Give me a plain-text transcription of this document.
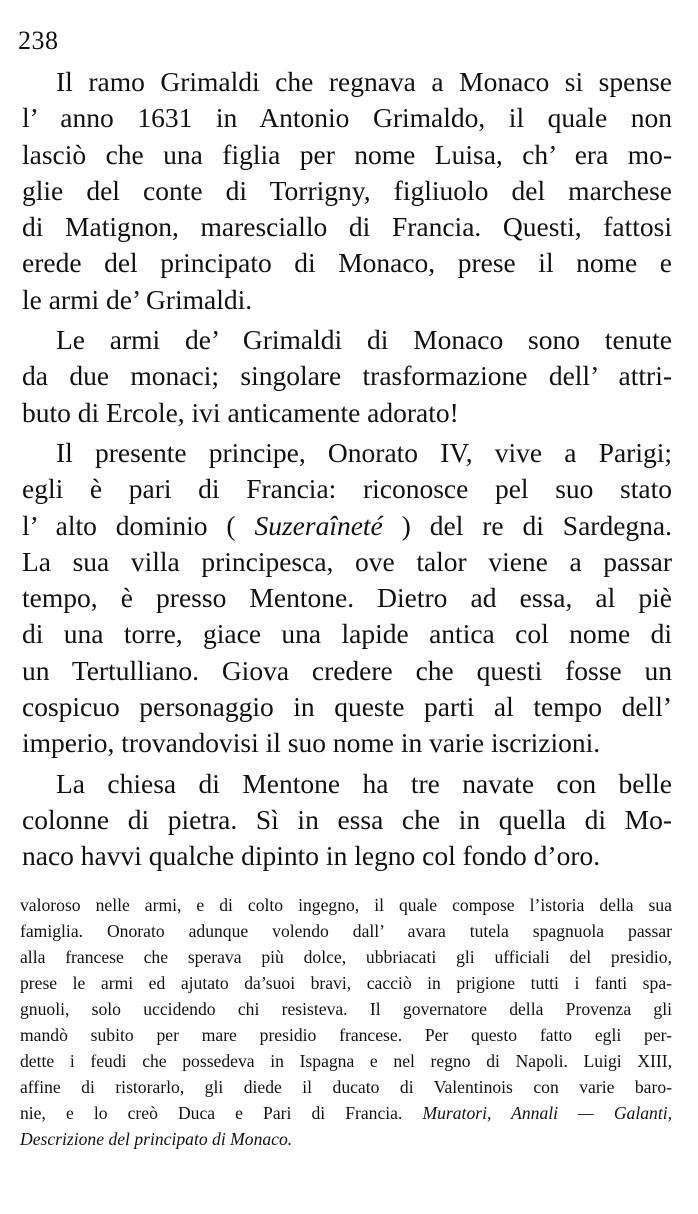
238
Il ramo Grimaldi che regnava a Monaco si spense
l’ anno 1631 in Antonio Grimaldo, il quale non
lasciò che una figlia per nome Luisa, ch’ era mo-
glie del conte di Torrigny, figliuolo del marchese
di Matignon, maresciallo di Francia. Questi, fattosi
erede del principato di Monaco, prese il nome e
le armi de’ Grimaldi.
Le armi de’ Grimaldi di Monaco sono tenute
da due monaci; singolare trasformazione dell’ attri-
buto di Ercole, ivi anticamente adorato!
Il presente principe, Onorato IV, vive a Parigi;
egli è pari di Francia: riconosce pel suo stato
l’ alto dominio ( Suzeraîneté ) del re di Sardegna.
La sua villa principesca, ove talor viene a passar
tempo, è presso Mentone. Dietro ad essa, al piè
di una torre, giace una lapide antica col nome di
un Tertulliano. Giova credere che questi fosse un
cospicuo personaggio in queste parti al tempo dell’
imperio, trovandovisi il suo nome in varie iscrizioni.
La chiesa di Mentone ha tre navate con belle
colonne di pietra. Sì in essa che in quella di Mo-
naco havvi qualche dipinto in legno col fondo d’oro.
valoroso nelle armi, e di colto ingegno, il quale compose l’istoria della sua
famiglia. Onorato adunque volendo dall’ avara tutela spagnuola passar
alla francese che sperava più dolce, ubbriacati gli ufficiali del presidio,
prese le armi ed ajutato da’suoi bravi, cacciò in prigione tutti i fanti spa-
gnuoli, solo uccidendo chi resisteva. Il governatore della Provenza gli
mandò subito per mare presidio francese. Per questo fatto egli per-
dette i feudi che possedeva in Ispagna e nel regno di Napoli. Luigi XIII,
affine di ristorarlo, gli diede il ducato di Valentinois con varie baro-
nie, e lo creò Duca e Pari di Francia. Muratori, Annali — Galanti,
Descrizione del principato di Monaco.
